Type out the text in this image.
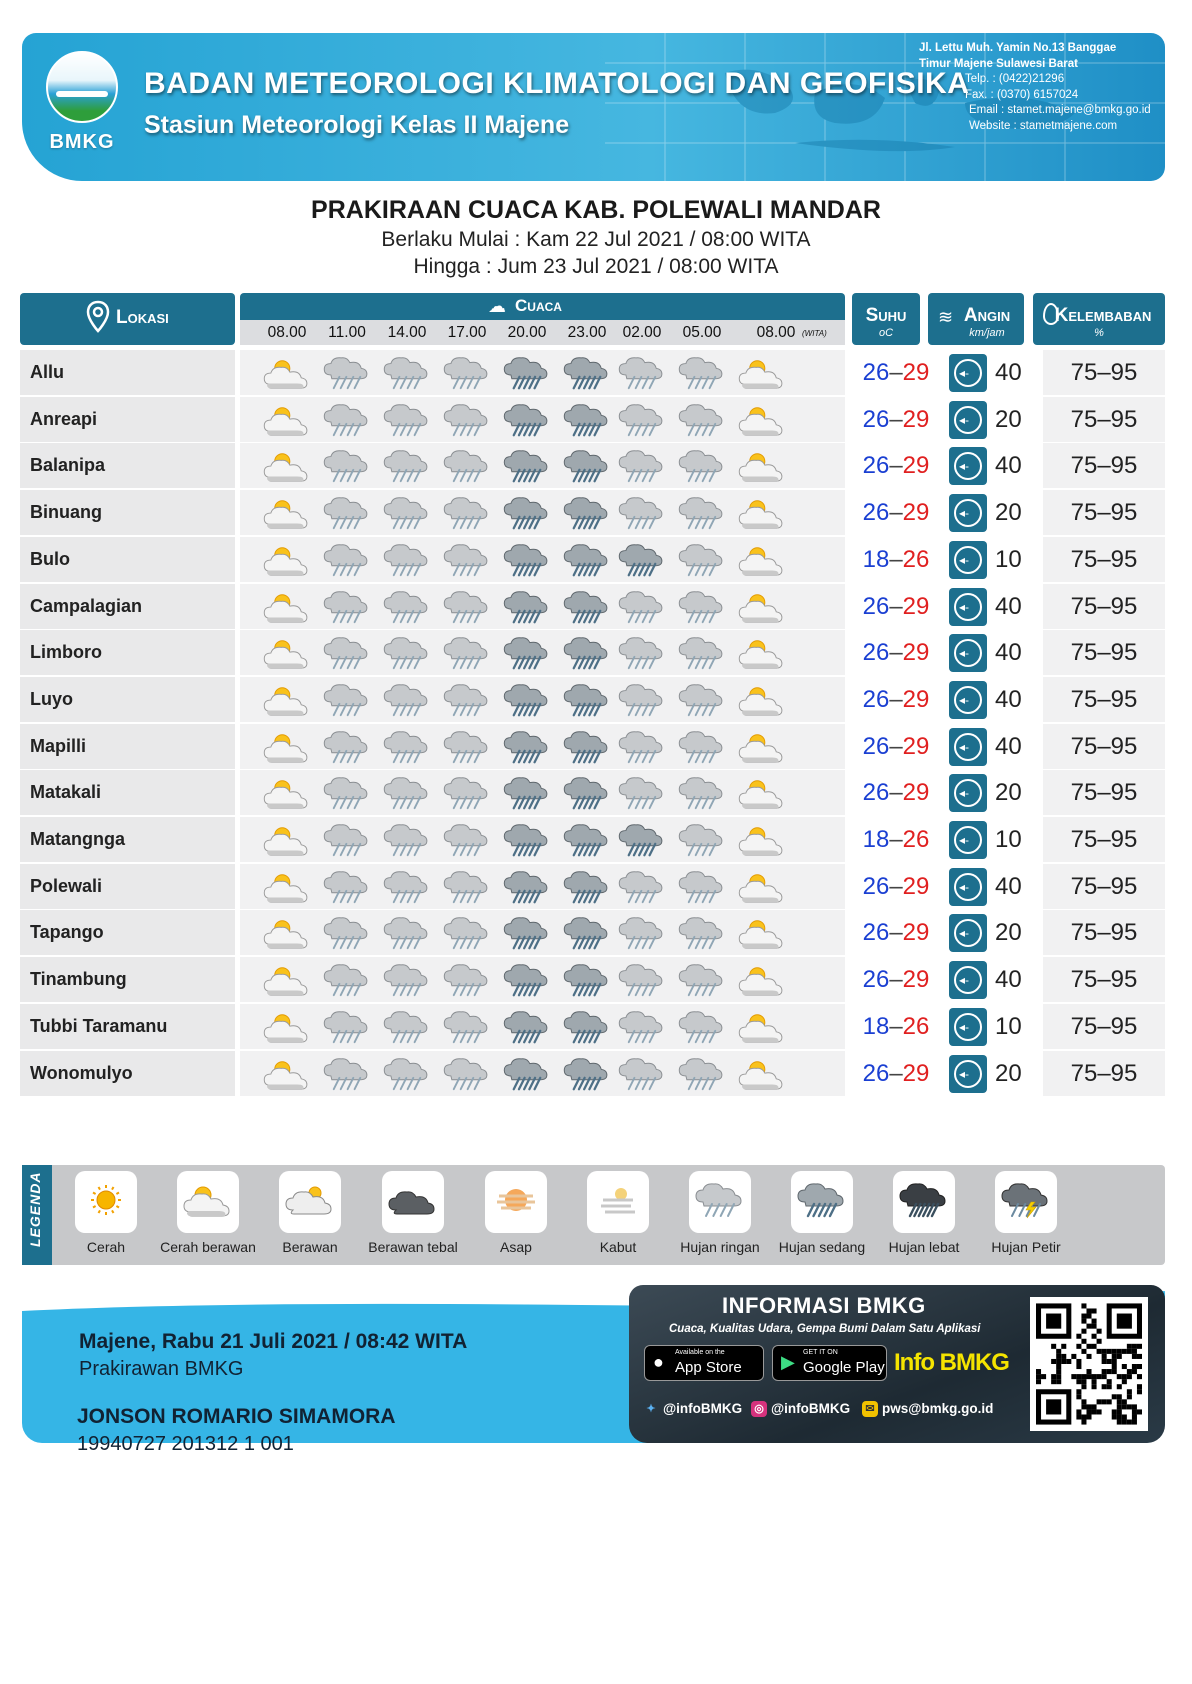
BMKG
BADAN METEOROLOGI KLIMATOLOGI DAN GEOFISIKA
Stasiun Meteorologi Kelas II Majene
Jl. Lettu Muh. Yamin No.13 Banggae
Timur Majene Sulawesi Barat
Telp. : (0422)21296
Fax. : (0370) 6157024
Email : stamet.majene@bmkg.go.id
Website : stametmajene.com
PRAKIRAAN CUACA KAB. POLEWALI MANDAR
Berlaku Mulai : Kam 22 Jul 2021 / 08:00 WITA
Hingga : Jum 23 Jul 2021 / 08:00 WITA
Lokasi
☁ Cuaca
08.00 11.00 14.00 17.00 20.00 23.00 02.00 05.00 08.00 (WITA)
Suhu
oC
≋ Angin
km/jam
Kelembaban
%
Allu	26–29	◂- 40	75–95
Anreapi	26–29	◂- 20	75–95
Balanipa	26–29	◂- 40	75–95
Binuang	26–29	◂- 20	75–95
Bulo	18–26	◂- 10	75–95
Campalagian	26–29	◂- 40	75–95
Limboro	26–29	◂- 40	75–95
Luyo	26–29	◂- 40	75–95
Mapilli	26–29	◂- 40	75–95
Matakali	26–29	◂- 20	75–95
Matangnga	18–26	◂- 10	75–95
Polewali	26–29	◂- 40	75–95
Tapango	26–29	◂- 20	75–95
Tinambung	26–29	◂- 40	75–95
Tubbi Taramanu	18–26	◂- 10	75–95
Wonomulyo	26–29	◂- 20	75–95
LEGENDA	Cerah	Cerah berawan	Berawan	Berawan tebal	Asap	Kabut	Hujan ringan	Hujan sedang	Hujan lebat	Hujan Petir
Majene, Rabu 21 Juli 2021 / 08:42 WITA
Prakirawan BMKG
JONSON ROMARIO SIMAMORA
19940727 201312 1 001
INFORMASI BMKG
Cuaca, Kualitas Udara, Gempa Bumi Dalam Satu Aplikasi
● Available on the
App Store ▶ GET IT ON
Google Play Info BMKG
✦ @infoBMKG ◎ @infoBMKG	✉ pws@bmkg.go.id
